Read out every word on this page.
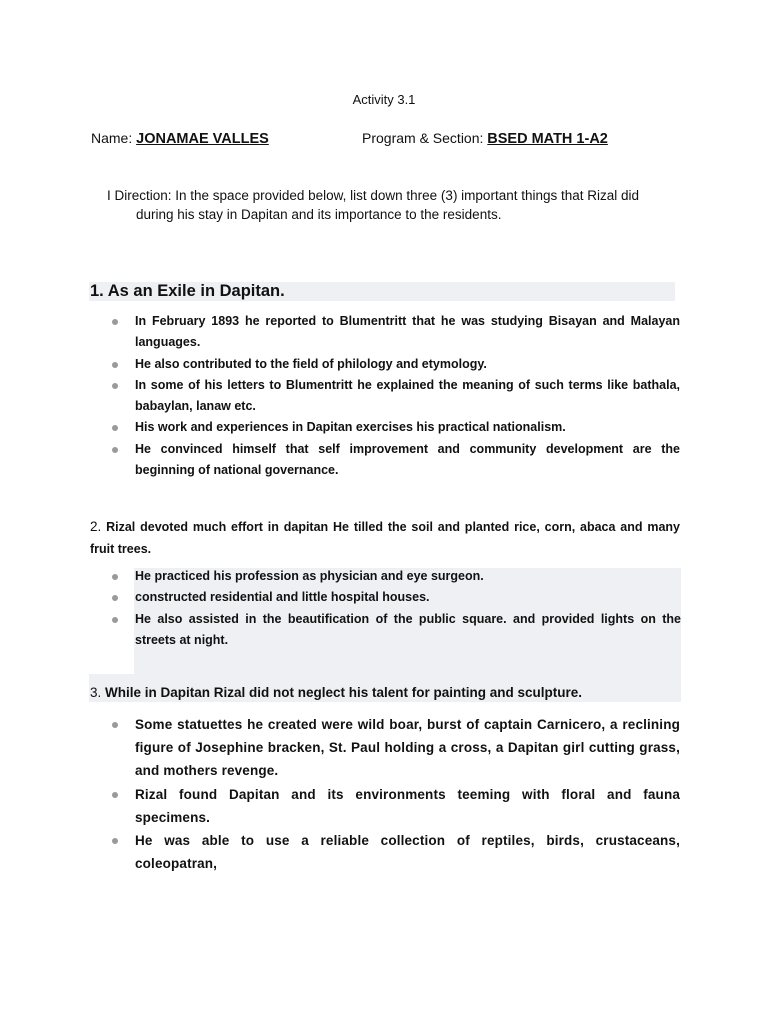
Activity 3.1
Name: JONAMAE VALLES	Program & Section: BSED MATH 1-A2
I Direction: In the space provided below, list down three (3) important things that Rizal did
during his stay in Dapitan and its importance to the residents.
1. As an Exile in Dapitan.
In February 1893 he reported to Blumentritt that he was studying Bisayan and Malayan languages.
He also contributed to the field of philology and etymology.
In some of his letters to Blumentritt he explained the meaning of such terms like bathala, babaylan, lanaw etc.
His work and experiences in Dapitan exercises his practical nationalism.
He convinced himself that self improvement and community development are the beginning of national governance.
2. Rizal devoted much effort in dapitan He tilled the soil and planted rice, corn, abaca and many fruit trees.
He practiced his profession as physician and eye surgeon.
constructed residential and little hospital houses.
He also assisted in the beautification of the public square. and provided lights on the streets at night.
3. While in Dapitan Rizal did not neglect his talent for painting and sculpture.
Some statuettes he created were wild boar, burst of captain Carnicero, a reclining figure of Josephine bracken, St. Paul holding a cross, a Dapitan girl cutting grass, and mothers revenge.
Rizal found Dapitan and its environments teeming with floral and fauna specimens.
He was able to use a reliable collection of reptiles, birds, crustaceans, coleopatran,
